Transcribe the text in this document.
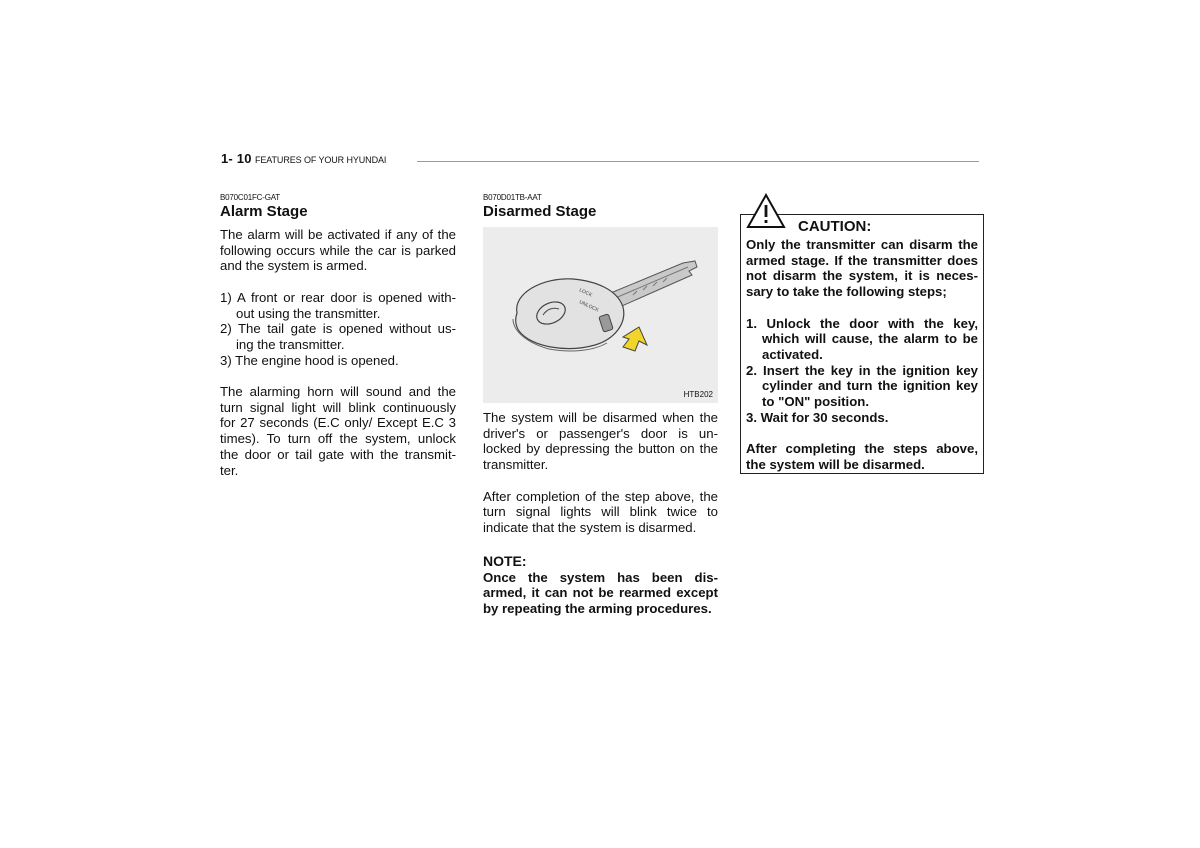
1- 10 FEATURES OF YOUR HYUNDAI
B070C01FC-GAT
Alarm Stage

The alarm will be activated if any of the following occurs while the car is parked and the system is armed.

1) A front or rear door is opened with- out using the transmitter.
2) The tail gate is opened without us- ing the transmitter.
3) The engine hood is opened.

The alarming horn will sound and the turn signal light will blink continuously for 27 seconds (E.C only/ Except E.C 3 times). To turn off the system, unlock the door or tail gate with the transmit- ter.

B070D01TB-AAT
Disarmed Stage
LOCK
UNLOCK
HTB202

The system will be disarmed when the driver's or passenger's door is un- locked by depressing the button on the transmitter.

After completion of the step above, the turn signal lights will blink twice to indicate that the system is disarmed.

NOTE:

Once the system has been dis- armed, it can not be rearmed except by repeating the arming procedures.

CAUTION:

Only the transmitter can disarm the armed stage. If the transmitter does not disarm the system, it is neces- sary to take the following steps;

1. Unlock the door with the key, which will cause, the alarm to be activated.
2. Insert the key in the ignition key cylinder and turn the ignition key to "ON" position.
3. Wait for 30 seconds.

After completing the steps above, the system will be disarmed.
